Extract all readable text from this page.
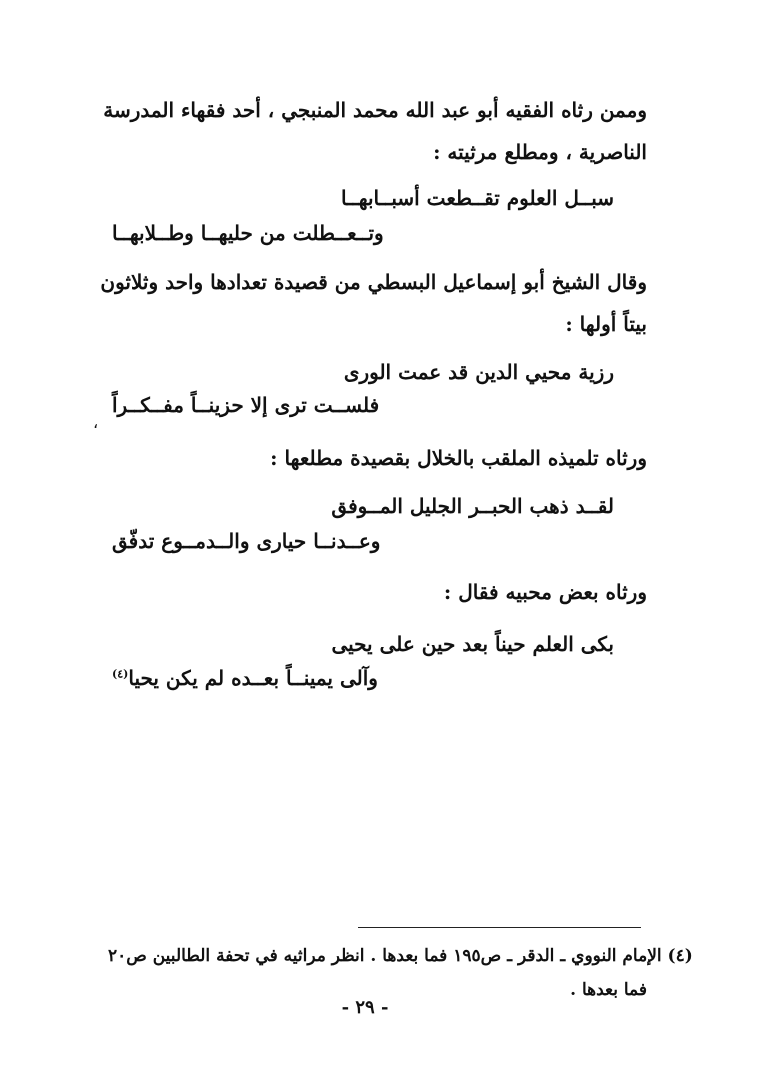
وممن رثاه الفقيه أبو عبد الله محمد المنبجي ، أحد فقهاء المدرسة
الناصرية ، ومطلع مرثيته :
سبــل العلوم تقــطعت أسبــابهــا
وتــعــطلت من حليهــا وطــلابهــا
وقال الشيخ أبو إسماعيل البسطي من قصيدة تعدادها واحد وثلاثون
بيتاً أولها :
رزية محيي الدين قد عمت الورى
فلســت ترى إلا حزينــاً مفــكــراً
،
ورثاه تلميذه الملقب بالخلال بقصيدة مطلعها :
لقــد ذهب الحبــر الجليل المــوفق
وعــدنــا حيارى والــدمــوع تدفّق
ورثاه بعض محبيه فقال :
بكى العلم حيناً بعد حين على يحيى
وآلى يمينــاً بعــده لم يكن يحيا$^{(٤)}$
(٤) الإمام النووي ـ الدقر ـ ص١٩٥ فما بعدها . انظر مراثيه في تحفة الطالبين ص٢٠
فما بعدها .
- ٢٩ -
